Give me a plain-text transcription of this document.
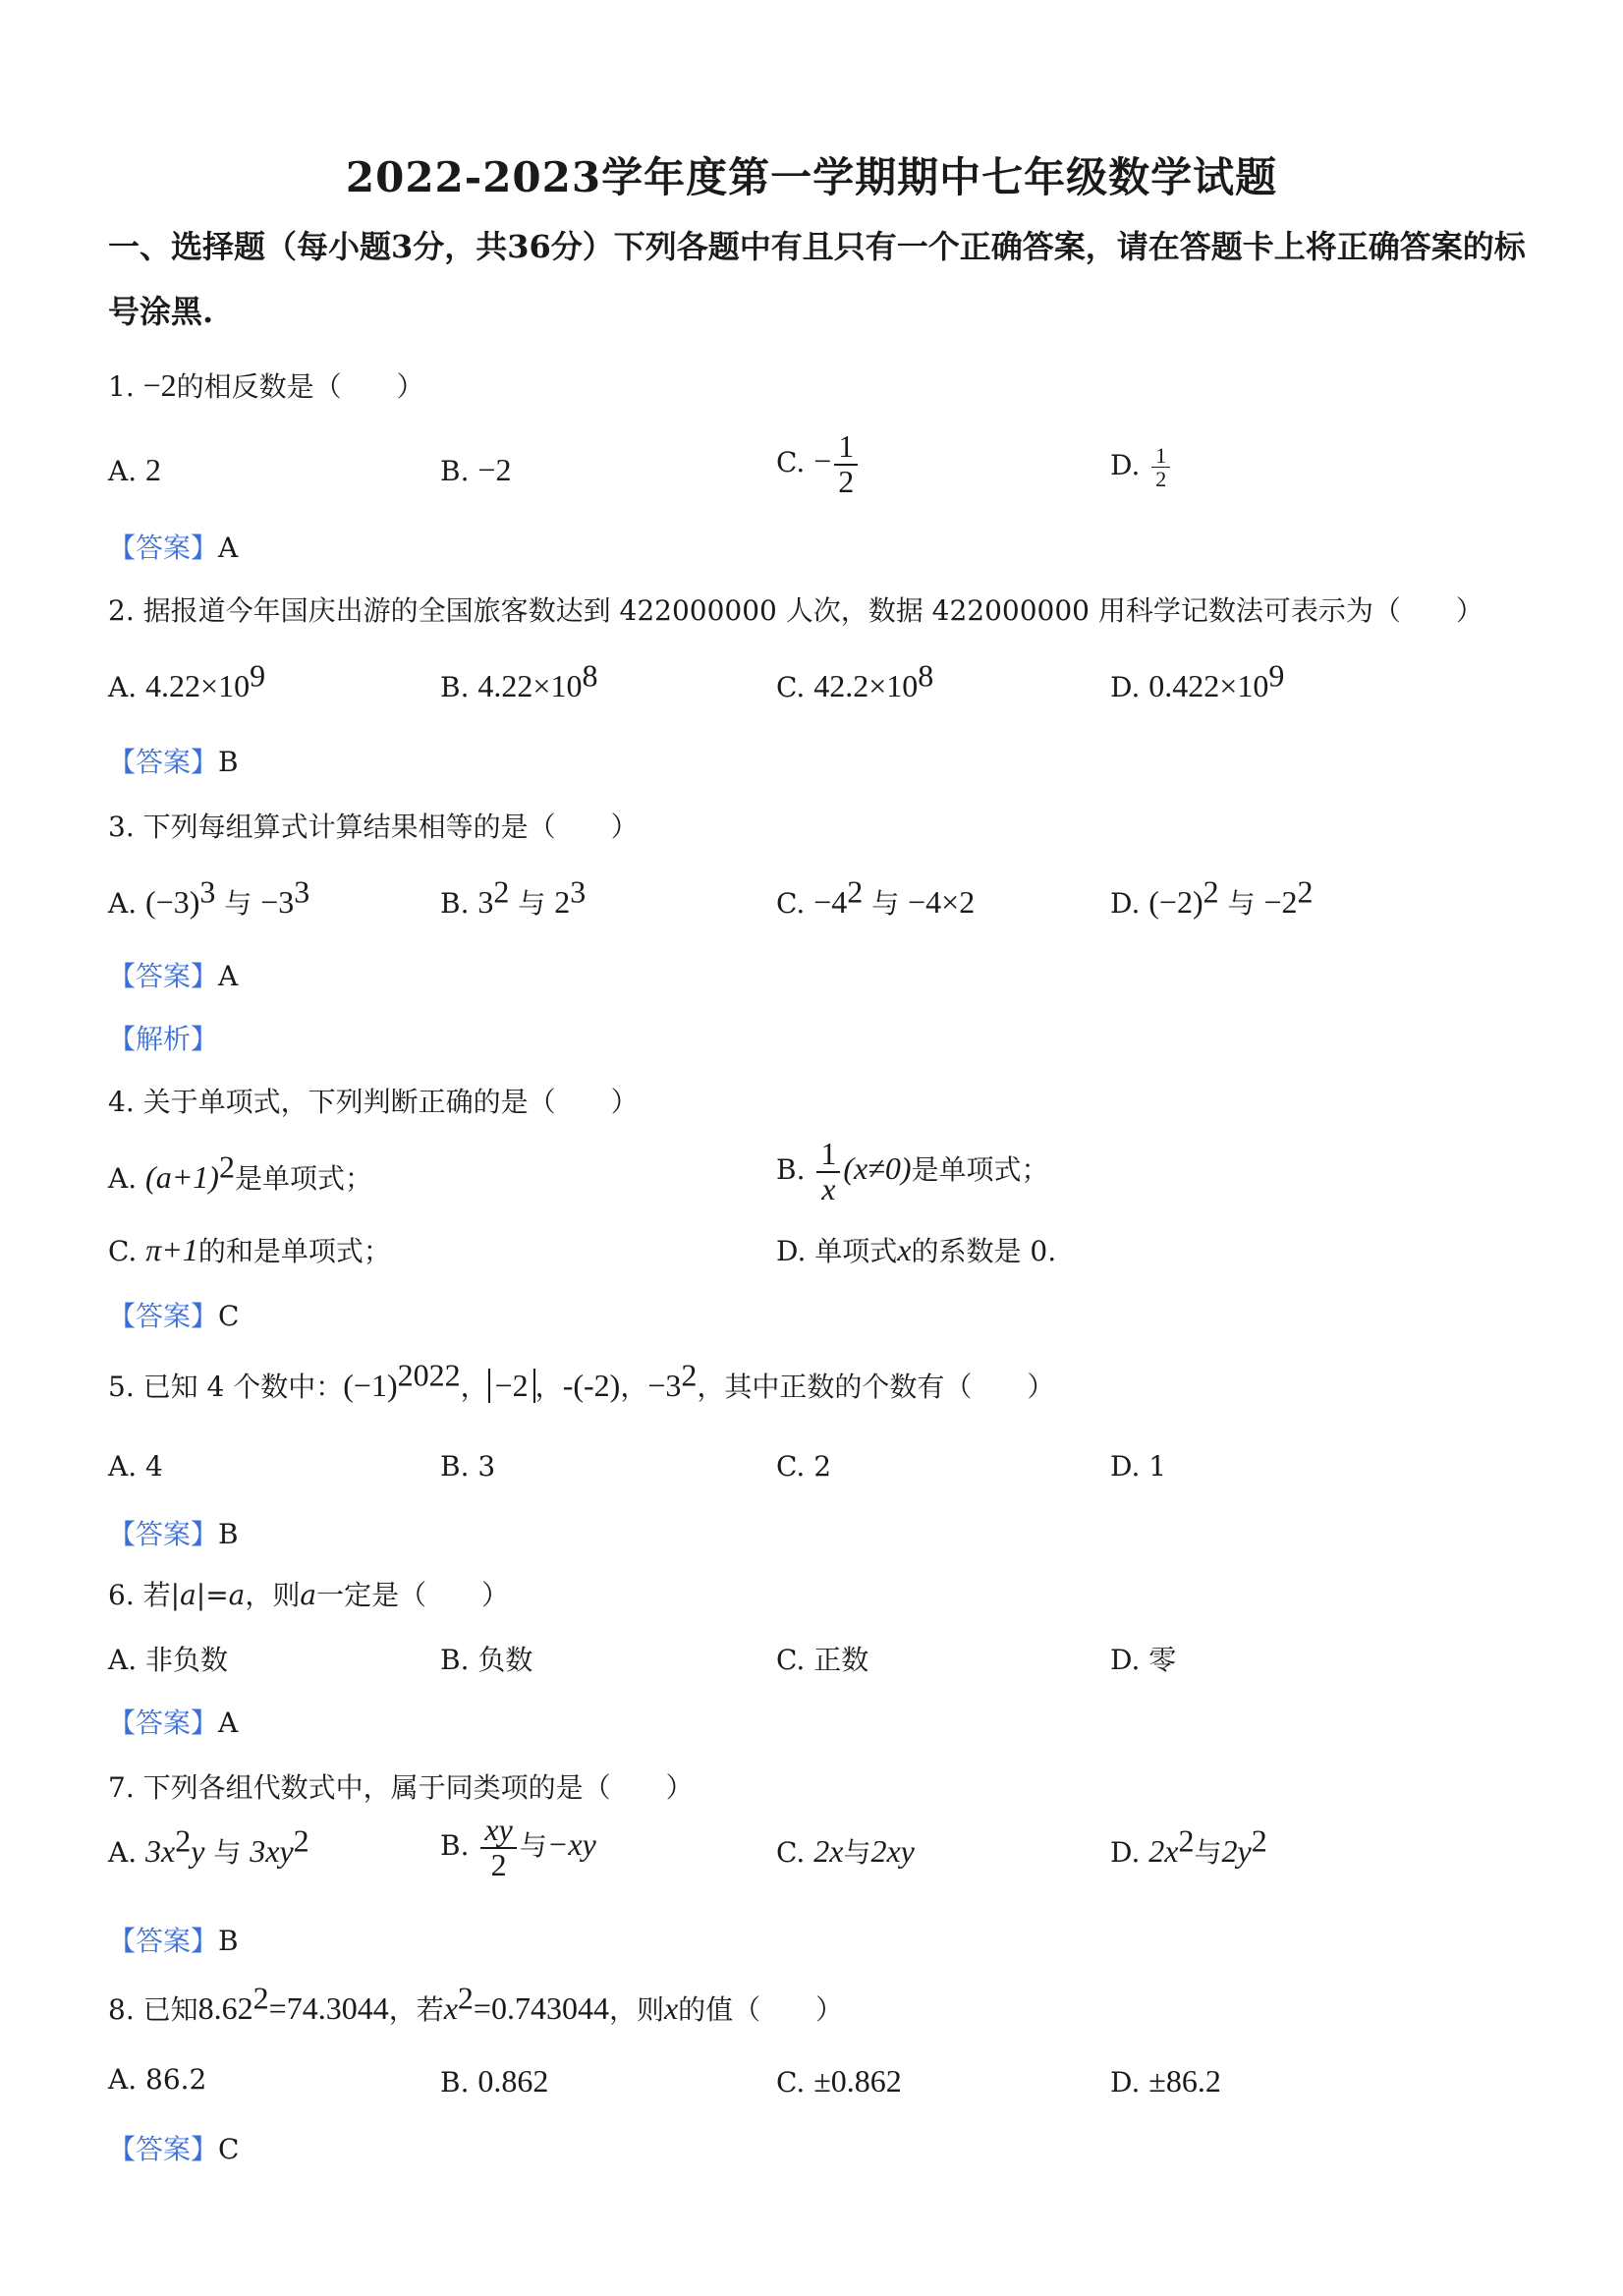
2022-2023学年度第一学期期中七年级数学试题
一、选择题（每小题3分，共36分）下列各题中有且只有一个正确答案，请在答题卡上将正确答案的标号涂黑.
1. −2的相反数是（　　）
A. 2	B. −2	C. − $\frac{1}{2}$	D. $\frac{1}{2}$
【答案】A
2. 据报道今年国庆出游的全国旅客数达到 422000000 人次，数据 422000000 用科学记数法可表示为（　　）
A. $4.22\times 10^9$	B. $4.22\times 10^8$	C. $42.2\times 10^8$	D. $0.422\times 10^9$
【答案】B
3. 下列每组算式计算结果相等的是（　　）
A. $(-3)^3$ 与 $-3^3$	B. $3^2$ 与 $2^3$	C. $-4^2$ 与 −4×2	D. $(-2)^2$ 与 $-2^2$
【答案】A
【解析】
4. 关于单项式，下列判断正确的是（　　）
A. $(a+1)^2$是单项式；	B. $\frac{1}{x} (x\ne 0)$是单项式；
C. π+1的和是单项式；	D. 单项式x的系数是 0.
【答案】C
5. 已知 4 个数中：$(-1)^{2022}$， −2 ，-(-2)，$-3^2$，其中正数的个数有（　　）
A. 4	B. 3	C. 2	D. 1
【答案】B
6. 若|a|=a，则a一定是（　　）
A. 非负数	B. 负数	C. 正数	D. 零
【答案】A
7. 下列各组代数式中，属于同类项的是（　　）
A. $3x^2y$ 与 $3xy^2$	B. $\frac{xy}{2}$ 与−xy	C. 2x与2xy	D. $2x^2$与$2y^2$
【答案】B
8. 已知$8.62^2=74.3044$，若$x^2=0.743044$，则x的值（　　）
A. 86.2	B. 0.862	C. ±0.862	D. ±86.2
【答案】C
